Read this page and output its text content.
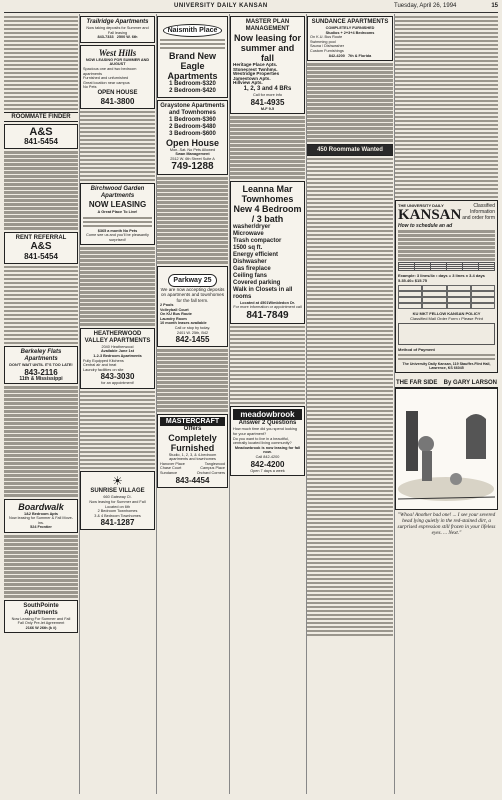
UNIVERSITY DAILY KANSAN	Tuesday, April 26, 1994	15
ROOMMATE FINDER
A&S
841-5454
RENT REFERRAL
A&S
841-5454
Berkeley Flats Apartments
DON'T WAIT UNTIL IT'S TOO LATE!
843-2116
11th & Mississippi
Boardwalk
1&2 Bedroom Apts
Now leasing for Summer & Fall Move-ins.
524 Frontier
SouthPointe Apartments
Now Leasing For Summer and Fall
Fall Only Pre-let Agreement
2166 W 26th (k #)
Trailridge Apartments
Now taking deposits for Summer and Fall leasing
843-7333 2500 W. 6th
West Hills
NOW LEASING FOR SUMMER AND AUGUST
Spacious one and two bedroom apartments
Furnished and unfurnished
Great location near campus
No Pets
OPEN HOUSE
841-3800
Birchwood Garden Apartments
NOW LEASING
A Great Place To Live!
$365 a month No Pets
Come see us and you'll be pleasantly surprised!
HEATHERWOOD VALLEY APARTMENTS
2040 Heatherwood
Available June 1st
1-2-3 Bedroom Apartments
Fully Equipped Kitchens
Central air and heat
Laundry facilities on site
843-3030
for an appointment!
☀
SUNRISE VILLAGE
660 Gateway Ct.
Now leasing for Summer and Fall
Located on 6th
2 Bedroom Townhomes
3 & 4 Bedroom Townhomes
841-1287
Naismith Place
Brand New
Eagle Apartments
1 Bedroom-$320
2 Bedroom-$420
Graystone Apartments and Townhomes
1 Bedroom-$360
2 Bedroom-$480
3 Bedroom-$600
Open House
Mon.-Sat. No Pets Allowed
Swan Management
2512 W. 6th Street Suite A
749-1288
Parkway 25
We are now accepting deposits on apartments and townhomes for the fall term.
2 Pools
Volleyball Court
On KU Bus Route
Laundry Room
10 month leases available
Call or stop by today.
2401 W. 25th, B42
842-1455
MASTERCRAFT
Offers
Completely Furnished
Studio, 1, 2, 3, & 4-bedroom apartments and townhomes
Hanover Place	Tanglewood
Chase Court	Campus Place
Sundance	Orchard Corners
843-4454
MASTER PLAN MANAGEMENT
Now leasing for summer and fall
Heritage Place Apts.
Stonecrest Twnhms.
Westridge Properties
Jamestown Apts.
Hillview Apts.
1, 2, 3 and 4 BRs
Call for more info
841-4935
M-F 9-5
Leanna Mar Townhomes
New 4 Bedroom / 3 bath
washer/dryer
Microwave
Trash compactor
1500 sq ft.
Energy efficient
Dishwasher
Gas fireplace
Ceiling fans
Covered parking
Walk in Closets in all rooms
Located at 4501Wimbledon Dr.
For more information or appointment call
841-7849
meadowbrook
Answer 2 Questions
How much time did you spend looking for your apartment?
Do you want to live in a beautiful, centrally located living community?
Meadowbrook is now leasing for fall now.
Call 842-4200
842-4200
Open 7 days a week
SUNDANCE APARTMENTS
COMPLETELY FURNISHED
Studios + 2+3+4 Bedrooms
On K.U. Bus Route
Swimming pool
Sauna / Dishwasher
Custom Furnishings
842-4200 7th & Florida
450 Roommate Wanted
THE UNIVERSITY DAILY
KANSAN
Classified Information and order form
How to schedule an ad

Example: 3 lines/4x • days = 3 lines x 3.4 days 5.35.40= $15.75
KU MKT FELLOW KANSAN POLICY
Classified Mail Order Form • Please Print
Method of Payment
The University Daily Kansan, 119 Stauffer-Flint Hall, Lawrence, KS 66045
THE FAR SIDE By GARY LARSON
"Whoa! Another bad one! ... I see your severed head lying quietly in the red-stained dirt, a surprised expression still frozen in your lifeless eyes. ... Next."
